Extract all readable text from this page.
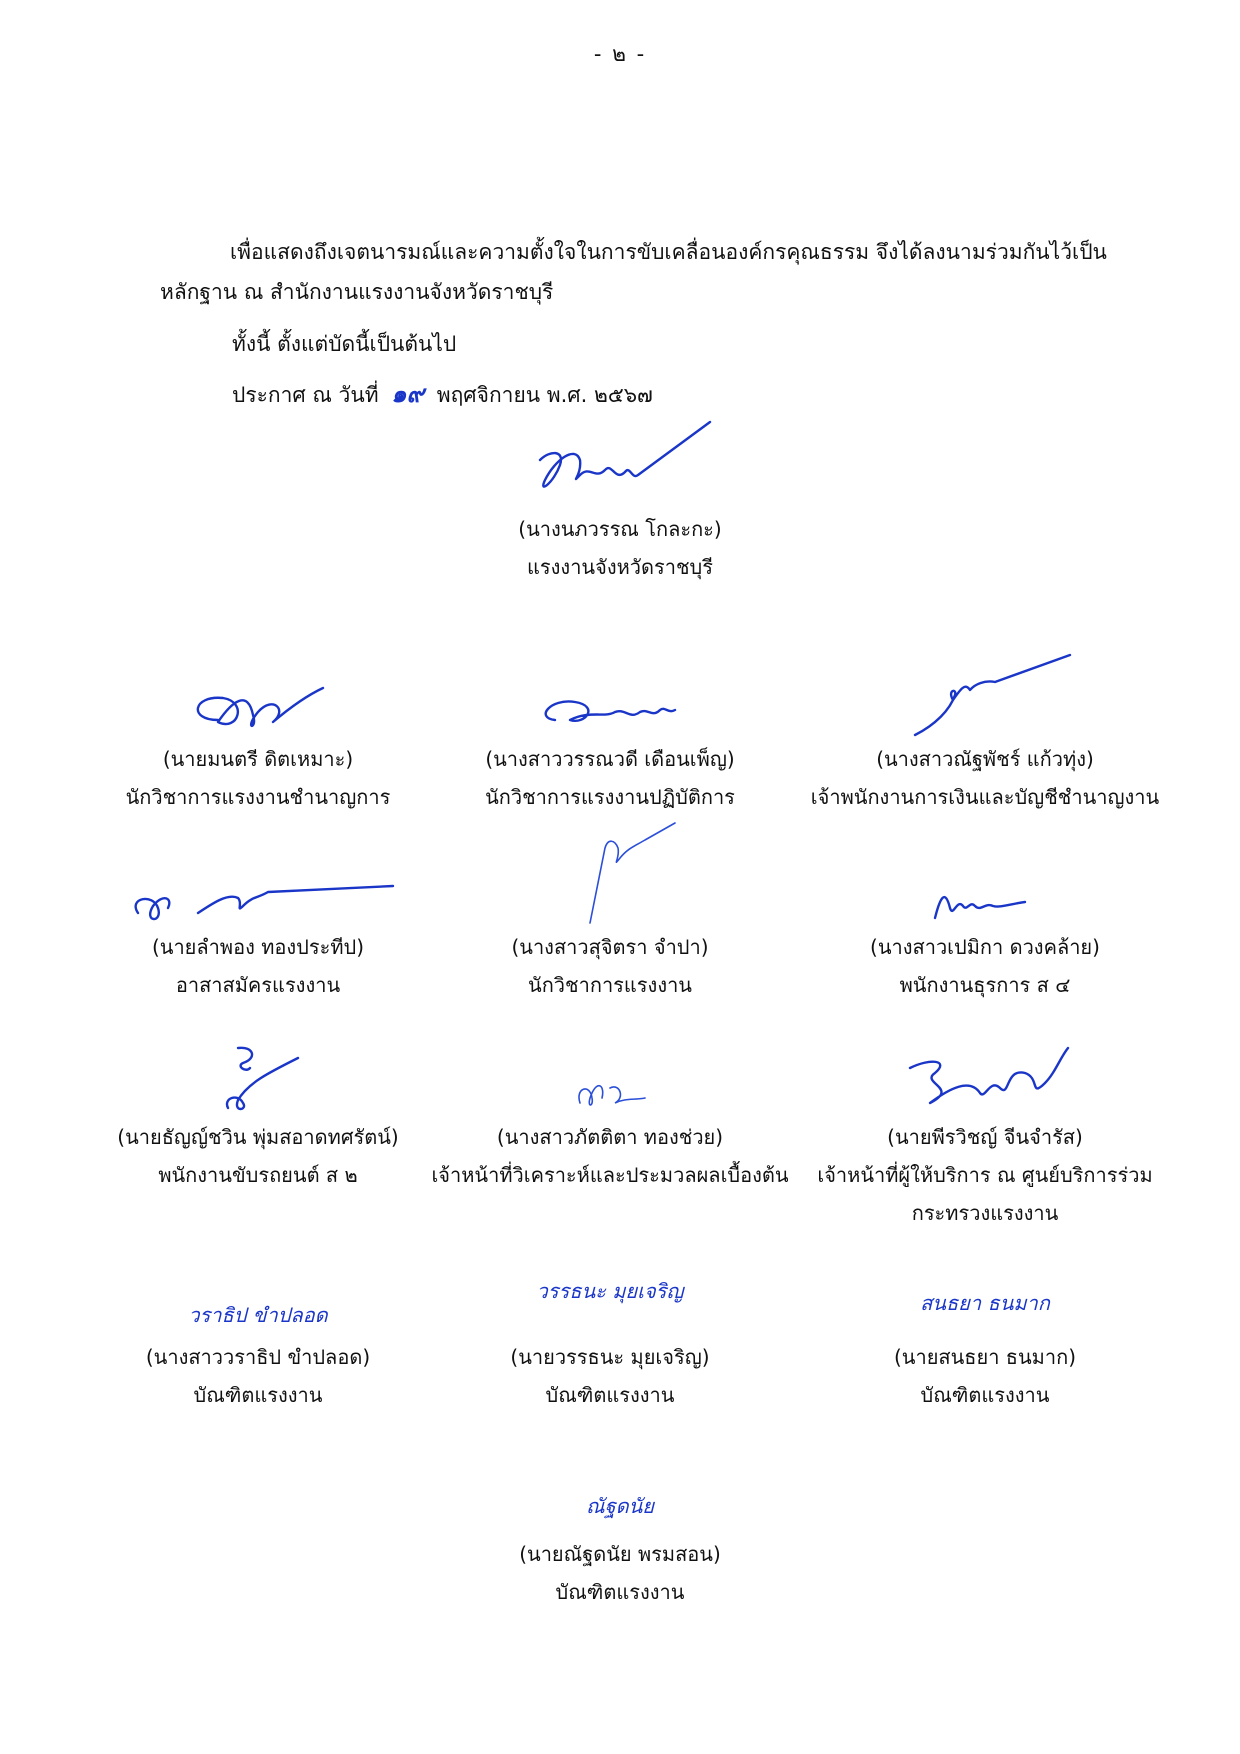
- ๒ -
เพื่อแสดงถึงเจตนารมณ์และความตั้งใจในการขับเคลื่อนองค์กรคุณธรรม จึงได้ลงนามร่วมกันไว้เป็นหลักฐาน ณ สำนักงานแรงงานจังหวัดราชบุรี
ทั้งนี้ ตั้งแต่บัดนี้เป็นต้นไป
ประกาศ ณ วันที่ ๑๙ พฤศจิกายน พ.ศ. ๒๕๖๗
(นางนภวรรณ โกละกะ)
แรงงานจังหวัดราชบุรี
(นายมนตรี ดิตเหมาะ)
นักวิชาการแรงงานชำนาญการ
(นางสาววรรณวดี เดือนเพ็ญ)
นักวิชาการแรงงานปฏิบัติการ
(นางสาวณัฐพัชร์ แก้วทุ่ง)
เจ้าพนักงานการเงินและบัญชีชำนาญงาน
(นายลำพอง ทองประทีป)
อาสาสมัครแรงงาน
(นางสาวสุจิตรา จำปา)
นักวิชาการแรงงาน
(นางสาวเปมิกา ดวงคล้าย)
พนักงานธุรการ ส ๔
(นายธัญญ์ชวิน พุ่มสอาดทศรัตน์)
พนักงานขับรถยนต์ ส ๒
(นางสาวภัตติตา ทองช่วย)
เจ้าหน้าที่วิเคราะห์และประมวลผลเบื้องต้น
(นายพีรวิชญ์ จีนจำรัส)
เจ้าหน้าที่ผู้ให้บริการ ณ ศูนย์บริการร่วม
กระทรวงแรงงาน
วราธิป ขำปลอด
(นางสาววราธิป ขำปลอด)
บัณฑิตแรงงาน
วรรธนะ มุยเจริญ
(นายวรรธนะ มุยเจริญ)
บัณฑิตแรงงาน
สนธยา ธนมาก
(นายสนธยา ธนมาก)
บัณฑิตแรงงาน
ณัฐดนัย
(นายณัฐดนัย พรมสอน)
บัณฑิตแรงงาน
